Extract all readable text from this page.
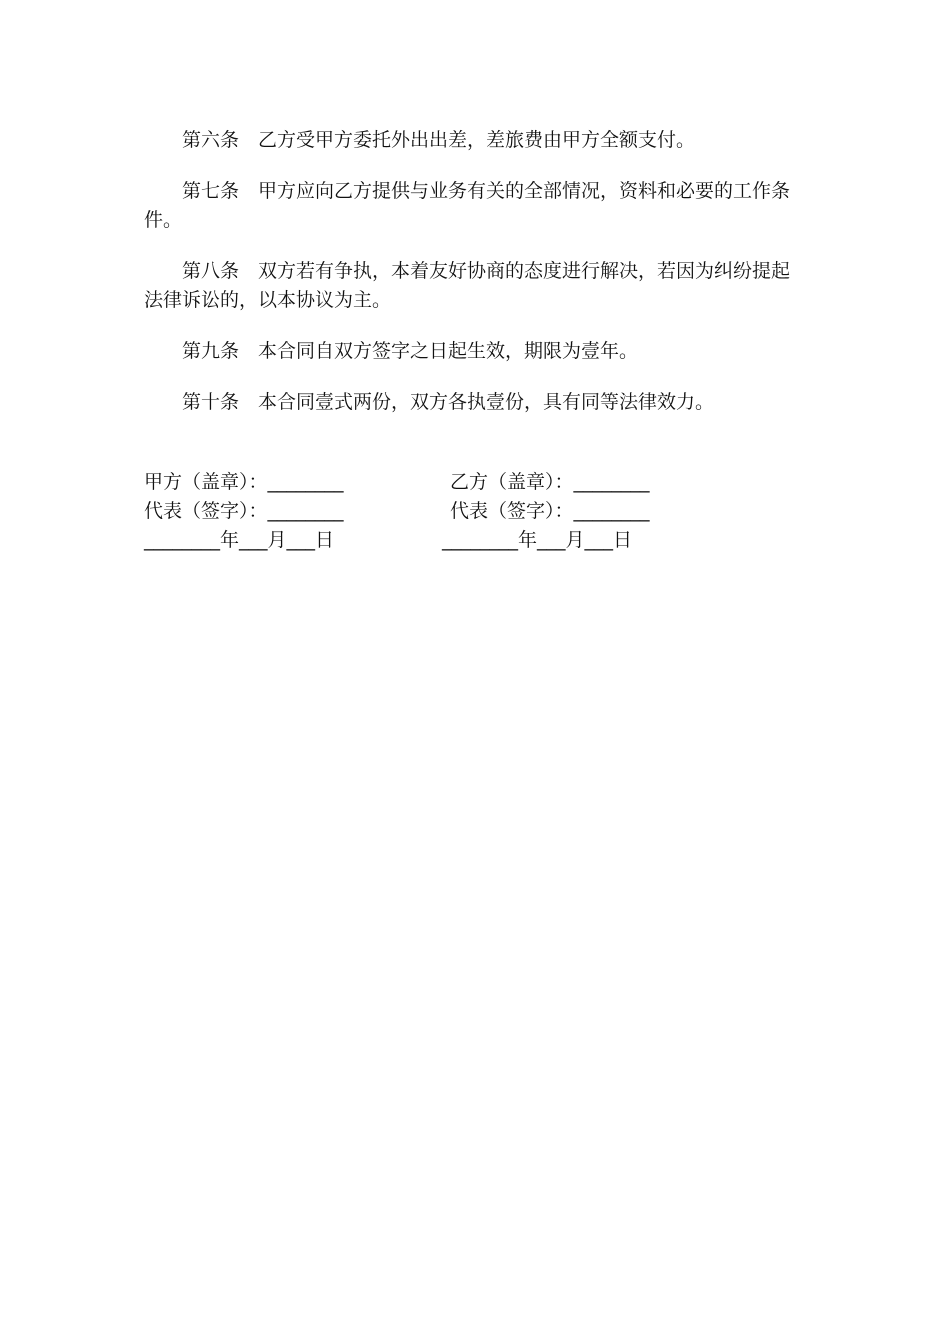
第六条 乙方受甲方委托外出出差，差旅费由甲方全额支付。

第七条 甲方应向乙方提供与业务有关的全部情况，资料和必要的工作条件。

第八条 双方若有争执，本着友好协商的态度进行解决，若因为纠纷提起法律诉讼的，以本协议为主。

第九条 本合同自双方签字之日起生效，期限为壹年。

第十条 本合同壹式两份，双方各执壹份，具有同等法律效力。

甲方（盖章）：________	乙方（盖章）：________
代表（签字）：________	代表（签字）：________
________年___月___日	________年___月___日
